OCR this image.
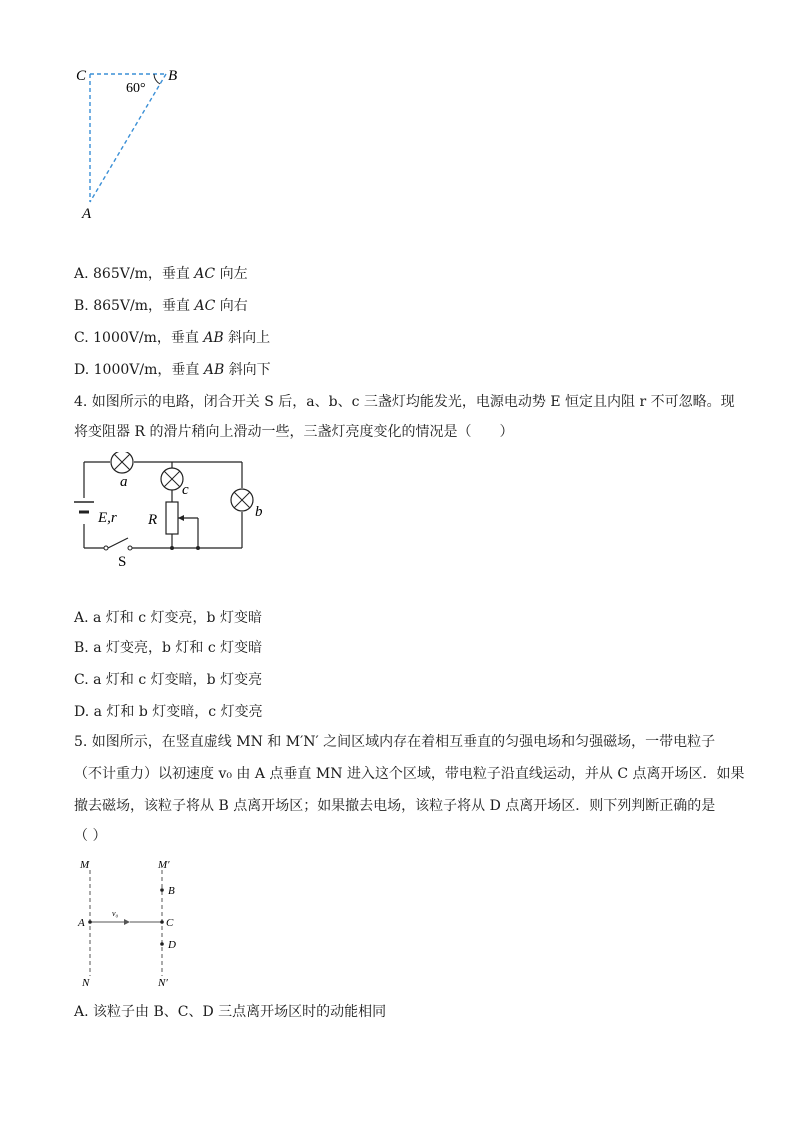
C	B
A
60°
A. 865V/m，垂直 AC 向左
B. 865V/m，垂直 AC 向右
C. 1000V/m，垂直 AB 斜向上
D. 1000V/m，垂直 AB 斜向下
4. 如图所示的电路，闭合开关 S 后，a、b、c 三盏灯均能发光，电源电动势 E 恒定且内阻 r 不可忽略。现
将变阻器 R 的滑片稍向上滑动一些，三盏灯亮度变化的情况是（　　）
a	c
b
E,r R
S
A. a 灯和 c 灯变亮，b 灯变暗
B. a 灯变亮，b 灯和 c 灯变暗
C. a 灯和 c 灯变暗，b 灯变亮
D. a 灯和 b 灯变暗，c 灯变亮
5. 如图所示，在竖直虚线 MN 和 M′N′ 之间区域内存在着相互垂直的匀强电场和匀强磁场，一带电粒子
（不计重力）以初速度 v₀ 由 A 点垂直 MN 进入这个区域，带电粒子沿直线运动，并从 C 点离开场区．如果
撤去磁场，该粒子将从 B 点离开场区；如果撤去电场，该粒子将从 D 点离开场区．则下列判断正确的是
（ ）
M
N
M′
N′
A
B
C
D
v₀
A. 该粒子由 B、C、D 三点离开场区时的动能相同
